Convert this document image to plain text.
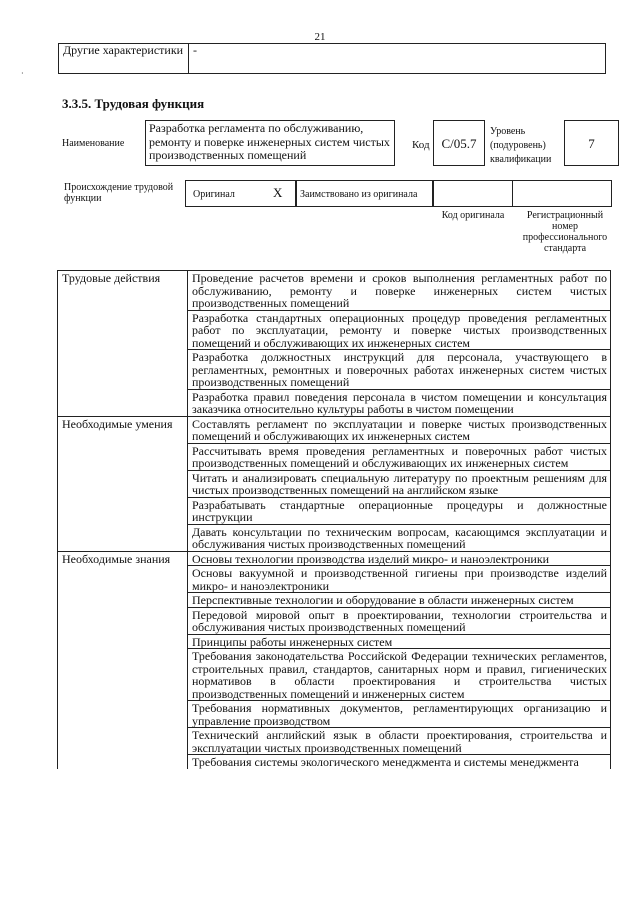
21
·
Другие характеристики	-
3.3.5. Трудовая функция
Наименование
Разработка регламента по обслуживанию, ремонту и поверке инженерных систем чистых производственных помещений
Код C/05.7
Уровень (подуровень) квалификации
7
Происхождение трудовой функции	Оригинал	X Заимствовано из оригинала
Код оригинала	Регистрационный номер профессионального стандарта
Трудовые действия	Проведение расчетов времени и сроков выполнения регламентных работ по обслуживанию, ремонту и поверке инженерных систем чистых производственных помещений
	Разработка стандартных операционных процедур проведения регламентных работ по эксплуатации, ремонту и поверке чистых производственных помещений и обслуживающих их инженерных систем
	Разработка должностных инструкций для персонала, участвующего в регламентных, ремонтных и поверочных работах инженерных систем чистых производственных помещений
	Разработка правил поведения персонала в чистом помещении и консультация заказчика относительно культуры работы в чистом помещении
Необходимые умения	Составлять регламент по эксплуатации и поверке чистых производственных помещений и обслуживающих их инженерных систем
	Рассчитывать время проведения регламентных и поверочных работ чистых производственных помещений и обслуживающих их инженерных систем
	Читать и анализировать специальную литературу по проектным решениям для чистых производственных помещений на английском языке
	Разрабатывать стандартные операционные процедуры и должностные инструкции
	Давать консультации по техническим вопросам, касающимся эксплуатации и обслуживания чистых производственных помещений
Необходимые знания	Основы технологии производства изделий микро- и наноэлектроники
	Основы вакуумной и производственной гигиены при производстве изделий микро- и наноэлектроники
	Перспективные технологии и оборудование в области инженерных систем
	Передовой мировой опыт в проектировании, технологии строительства и обслуживания чистых производственных помещений
	Принципы работы инженерных систем
	Требования законодательства Российской Федерации технических регламентов, строительных правил, стандартов, санитарных норм и правил, гигиенических нормативов в области проектирования и строительства чистых производственных помещений и инженерных систем
	Требования нормативных документов, регламентирующих организацию и управление производством
	Технический английский язык в области проектирования, строительства и эксплуатации чистых производственных помещений
	Требования системы экологического менеджмента и системы менеджмента
